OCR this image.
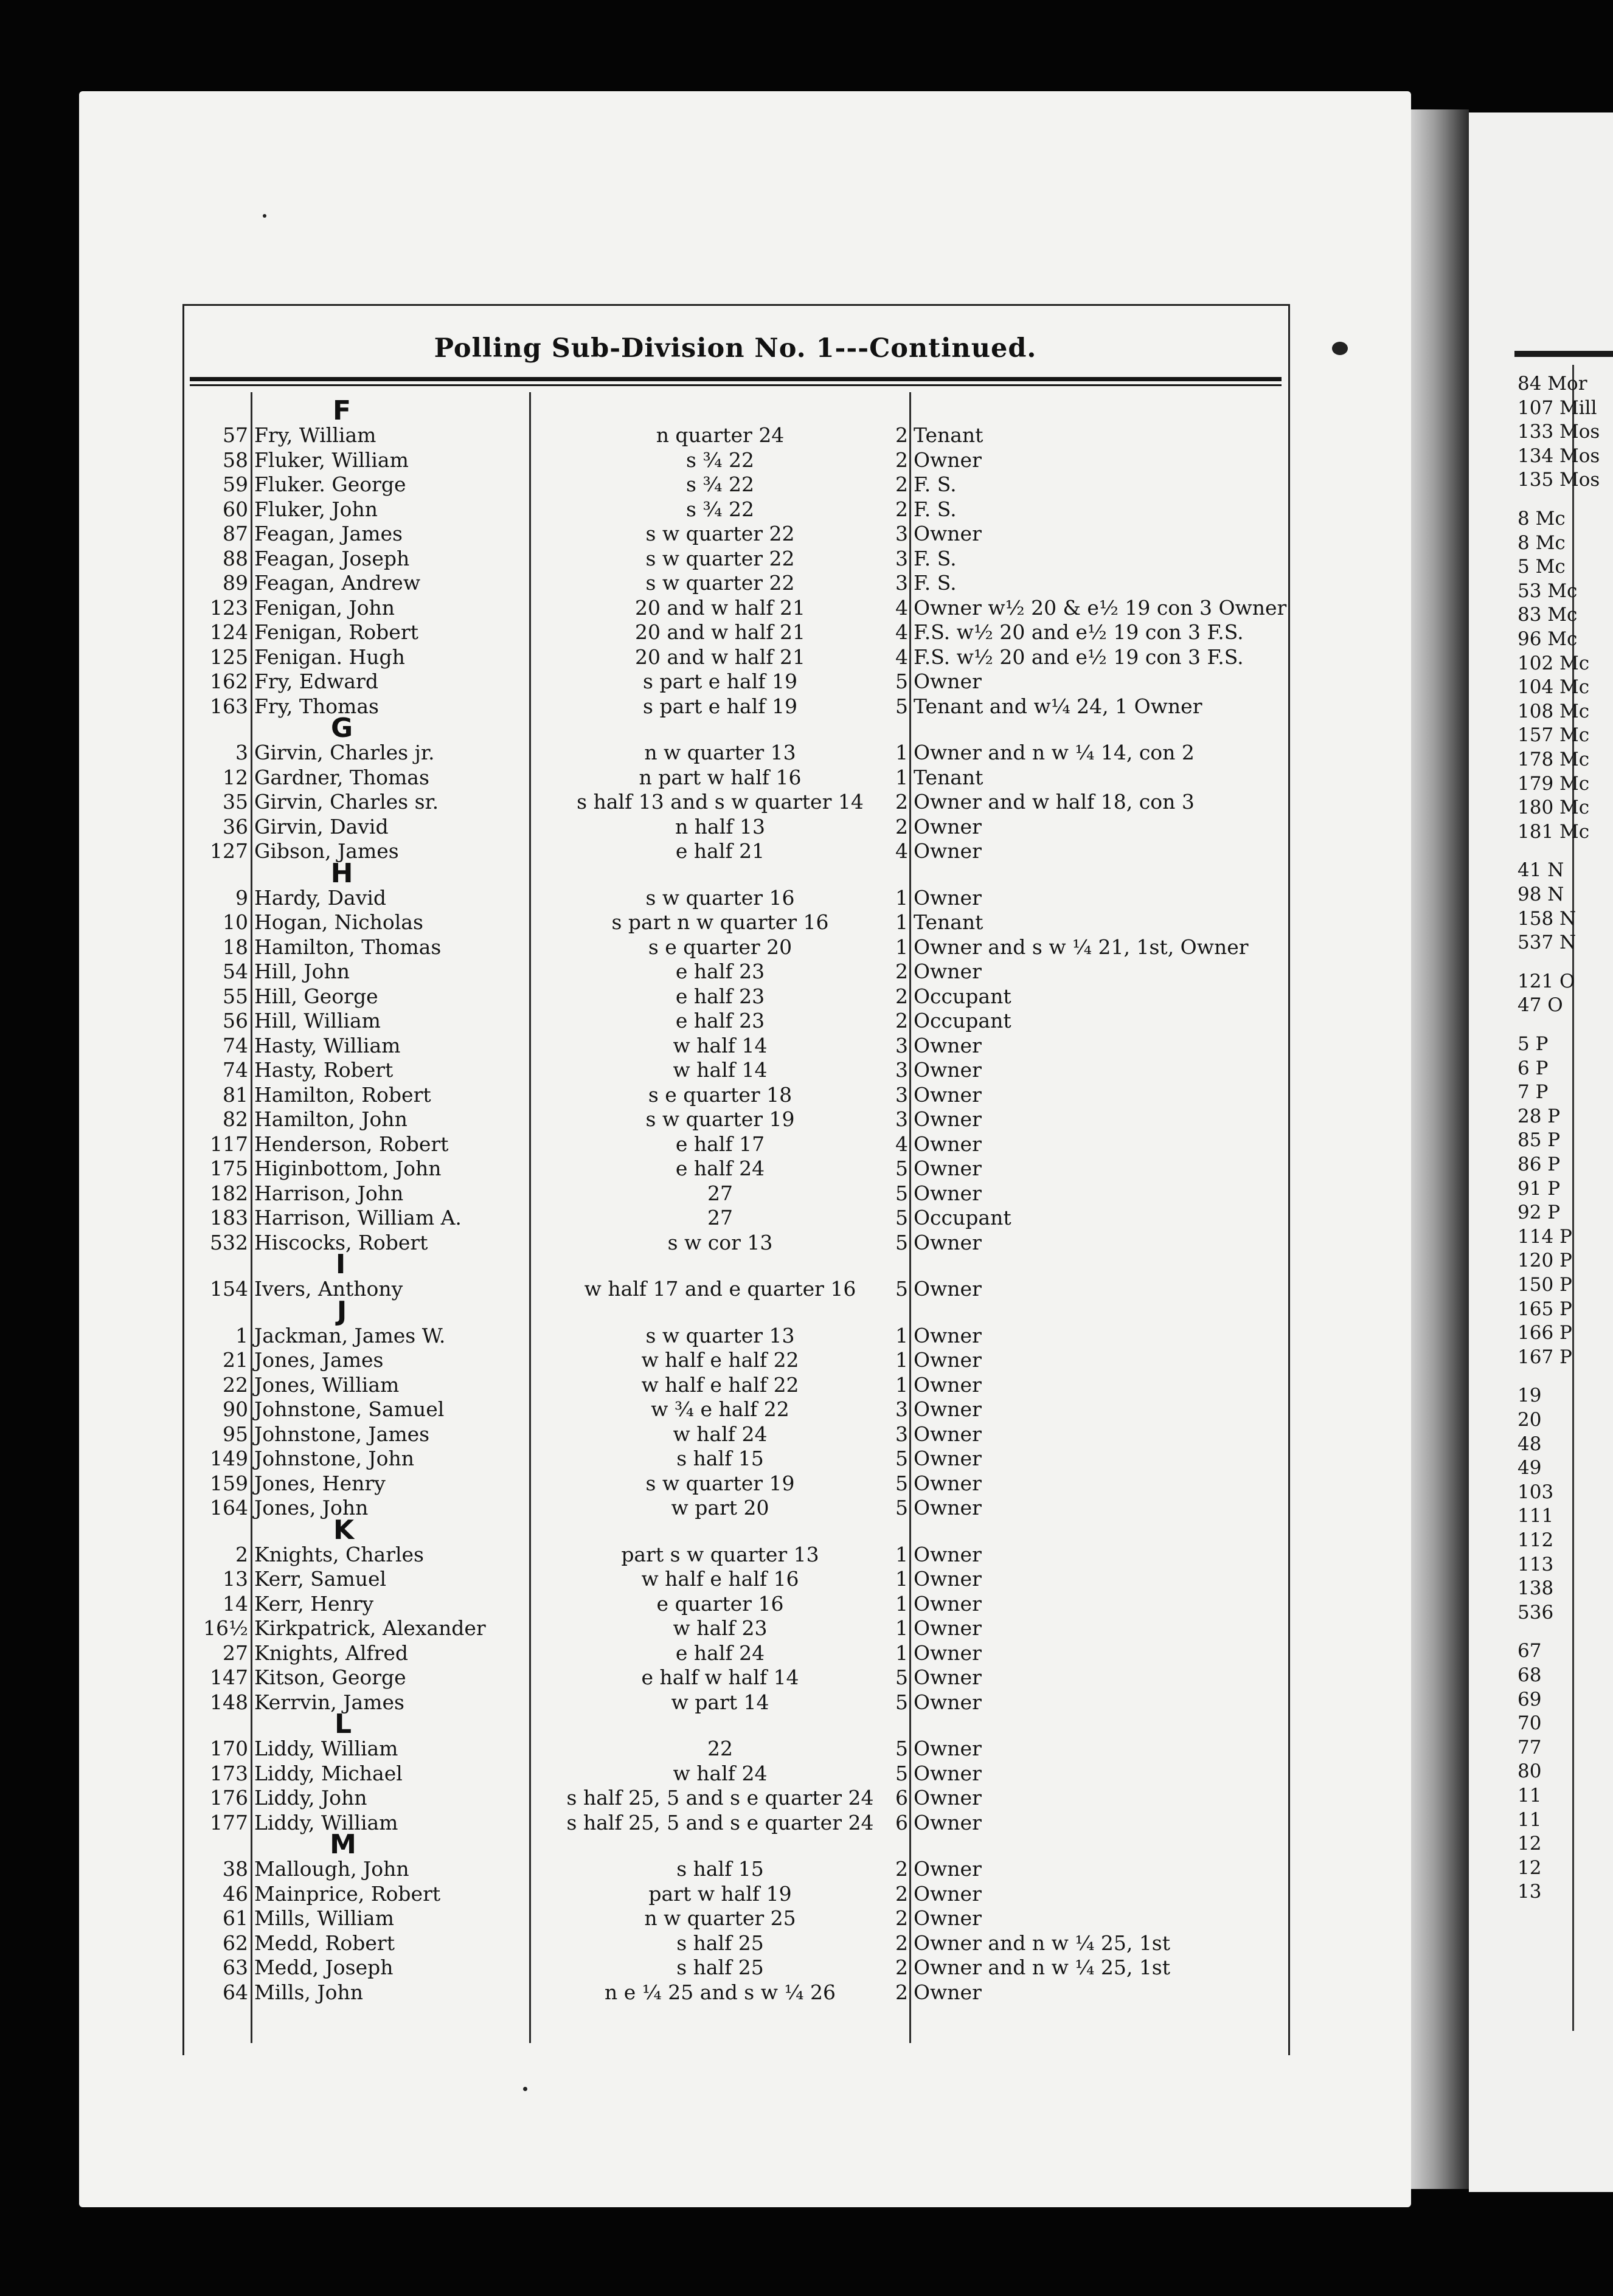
Polling Sub-Division No. 1---Continued.
F
57 Fry, William	n quarter 24	2 Tenant
58 Fluker, William	s ¾ 22	2 Owner
59 Fluker. George	s ¾ 22	2 F. S.
60 Fluker, John	s ¾ 22	2 F. S.
87 Feagan, James	s w quarter 22	3 Owner
88 Feagan, Joseph	s w quarter 22	3 F. S.
89 Feagan, Andrew	s w quarter 22	3 F. S.
123 Fenigan, John	20 and w half 21	4 Owner w½ 20 & e½ 19 con 3 Owner
124 Fenigan, Robert	20 and w half 21	4 F.S. w½ 20 and e½ 19 con 3 F.S.
125 Fenigan. Hugh	20 and w half 21	4 F.S. w½ 20 and e½ 19 con 3 F.S.
162 Fry, Edward	s part e half 19	5 Owner
163 Fry, Thomas	s part e half 19	5 Tenant and w¼ 24, 1 Owner
G
3 Girvin, Charles jr.	n w quarter 13	1 Owner and n w ¼ 14, con 2
12 Gardner, Thomas	n part w half 16	1 Tenant
35 Girvin, Charles sr.	s half 13 and s w quarter 14	2 Owner and w half 18, con 3
36 Girvin, David	n half 13	2 Owner
127 Gibson, James	e half 21	4 Owner
H
9 Hardy, David	s w quarter 16	1 Owner
10 Hogan, Nicholas	s part n w quarter 16	1 Tenant
18 Hamilton, Thomas	s e quarter 20	1 Owner and s w ¼ 21, 1st, Owner
54 Hill, John	e half 23	2 Owner
55 Hill, George	e half 23	2 Occupant
56 Hill, William	e half 23	2 Occupant
74 Hasty, William	w half 14	3 Owner
74 Hasty, Robert	w half 14	3 Owner
81 Hamilton, Robert	s e quarter 18	3 Owner
82 Hamilton, John	s w quarter 19	3 Owner
117 Henderson, Robert	e half 17	4 Owner
175 Higinbottom, John	e half 24	5 Owner
182 Harrison, John	27	5 Owner
183 Harrison, William A.	27	5 Occupant
532 Hiscocks, Robert	s w cor 13	5 Owner
I
154 Ivers, Anthony	w half 17 and e quarter 16	5 Owner
J
1 Jackman, James W.	s w quarter 13	1 Owner
21 Jones, James	w half e half 22	1 Owner
22 Jones, William	w half e half 22	1 Owner
90 Johnstone, Samuel	w ¾ e half 22	3 Owner
95 Johnstone, James	w half 24	3 Owner
149 Johnstone, John	s half 15	5 Owner
159 Jones, Henry	s w quarter 19	5 Owner
164 Jones, John	w part 20	5 Owner
K
2 Knights, Charles	part s w quarter 13	1 Owner
13 Kerr, Samuel	w half e half 16	1 Owner
14 Kerr, Henry	e quarter 16	1 Owner
16½ Kirkpatrick, Alexander	w half 23	1 Owner
27 Knights, Alfred	e half 24	1 Owner
147 Kitson, George	e half w half 14	5 Owner
148 Kerrvin, James	w part 14	5 Owner
L
170 Liddy, William	22	5 Owner
173 Liddy, Michael	w half 24	5 Owner
176 Liddy, John	s half 25, 5 and s e quarter 24	6 Owner
177 Liddy, William	s half 25, 5 and s e quarter 24	6 Owner
M
38 Mallough, John	s half 15	2 Owner
46 Mainprice, Robert	part w half 19	2 Owner
61 Mills, William	n w quarter 25	2 Owner
62 Medd, Robert	s half 25	2 Owner and n w ¼ 25, 1st
63 Medd, Joseph	s half 25	2 Owner and n w ¼ 25, 1st
64 Mills, John	n e ¼ 25 and s w ¼ 26	2 Owner
84 Mor
107 Mill
133 Mos
134 Mos
135 Mos
8 Mc
8 Mc
5 Mc
53 Mc
83 Mc
96 Mc
102 Mc
104 Mc
108 Mc
157 Mc
178 Mc
179 Mc
180 Mc
181 Mc
41 N
98 N
158 N
537 N
121 O
47 O
5 P
6 P
7 P
28 P
85 P
86 P
91 P
92 P
114 P
120 P
150 P
165 P
166 P
167 P
19
20
48
49
103
111
112
113
138
536
67
68
69
70
77
80
11
11
12
12
13
